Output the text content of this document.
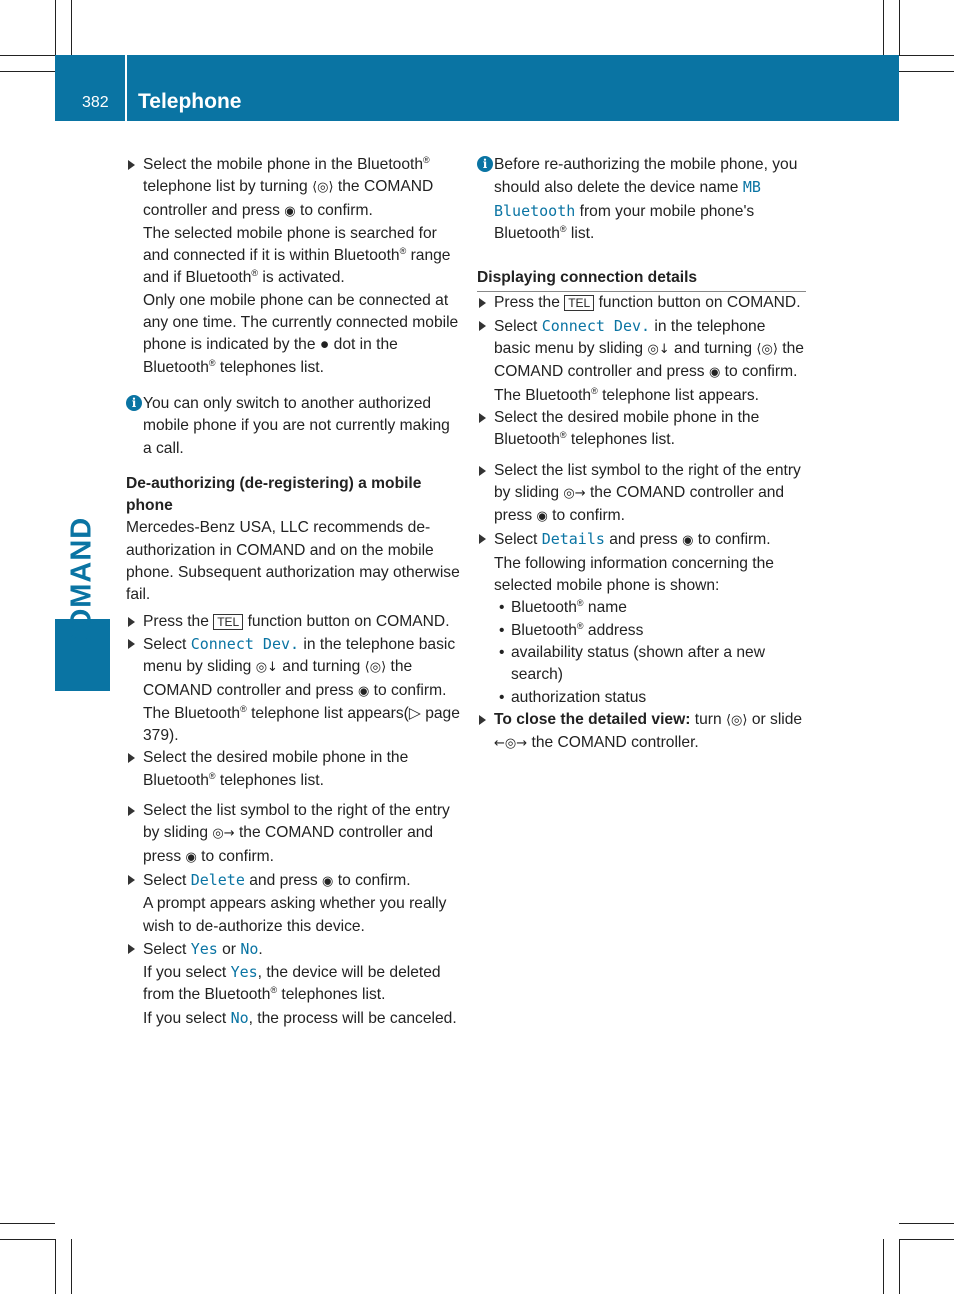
382 Telephone
COMAND

Select the mobile phone in the Bluetooth® telephone list by turning ⟨◎⟩ the COMAND controller and press ◉ to confirm.
The selected mobile phone is searched for and connected if it is within Bluetooth® range and if Bluetooth® is activated.

Only one mobile phone can be connected at any one time. The currently connected mobile phone is indicated by the ● dot in the Bluetooth® telephones list.

i You can only switch to another authorized mobile phone if you are not currently making a call.

De-authorizing (de-registering) a mobile phone

Mercedes-Benz USA, LLC recommends de-authorization in COMAND and on the mobile phone. Subsequent authorization may otherwise fail.

Press the TEL function button on COMAND.

Select Connect Dev. in the telephone basic menu by sliding ◎↓ and turning ⟨◎⟩ the COMAND controller and press ◉ to confirm.
The Bluetooth® telephone list appears(▷ page 379).

Select the desired mobile phone in the Bluetooth® telephones list.

Select the list symbol to the right of the entry by sliding ◎→ the COMAND controller and press ◉ to confirm.

Select Delete and press ◉ to confirm.
A prompt appears asking whether you really wish to de-authorize this device.

Select Yes or No.
If you select Yes, the device will be deleted from the Bluetooth® telephones list.

If you select No, the process will be canceled.

i Before re-authorizing the mobile phone, you should also delete the device name MB Bluetooth from your mobile phone's Bluetooth® list.

Displaying connection details

Press the TEL function button on COMAND.

Select Connect Dev. in the telephone basic menu by sliding ◎↓ and turning ⟨◎⟩ the COMAND controller and press ◉ to confirm.
The Bluetooth® telephone list appears.

Select the desired mobile phone in the Bluetooth® telephones list.

Select the list symbol to the right of the entry by sliding ◎→ the COMAND controller and press ◉ to confirm.

Select Details and press ◉ to confirm.
The following information concerning the selected mobile phone is shown:

• Bluetooth® name

• Bluetooth® address

• availability status (shown after a new search)

• authorization status

To close the detailed view: turn ⟨◎⟩ or slide ←◎→ the COMAND controller.
